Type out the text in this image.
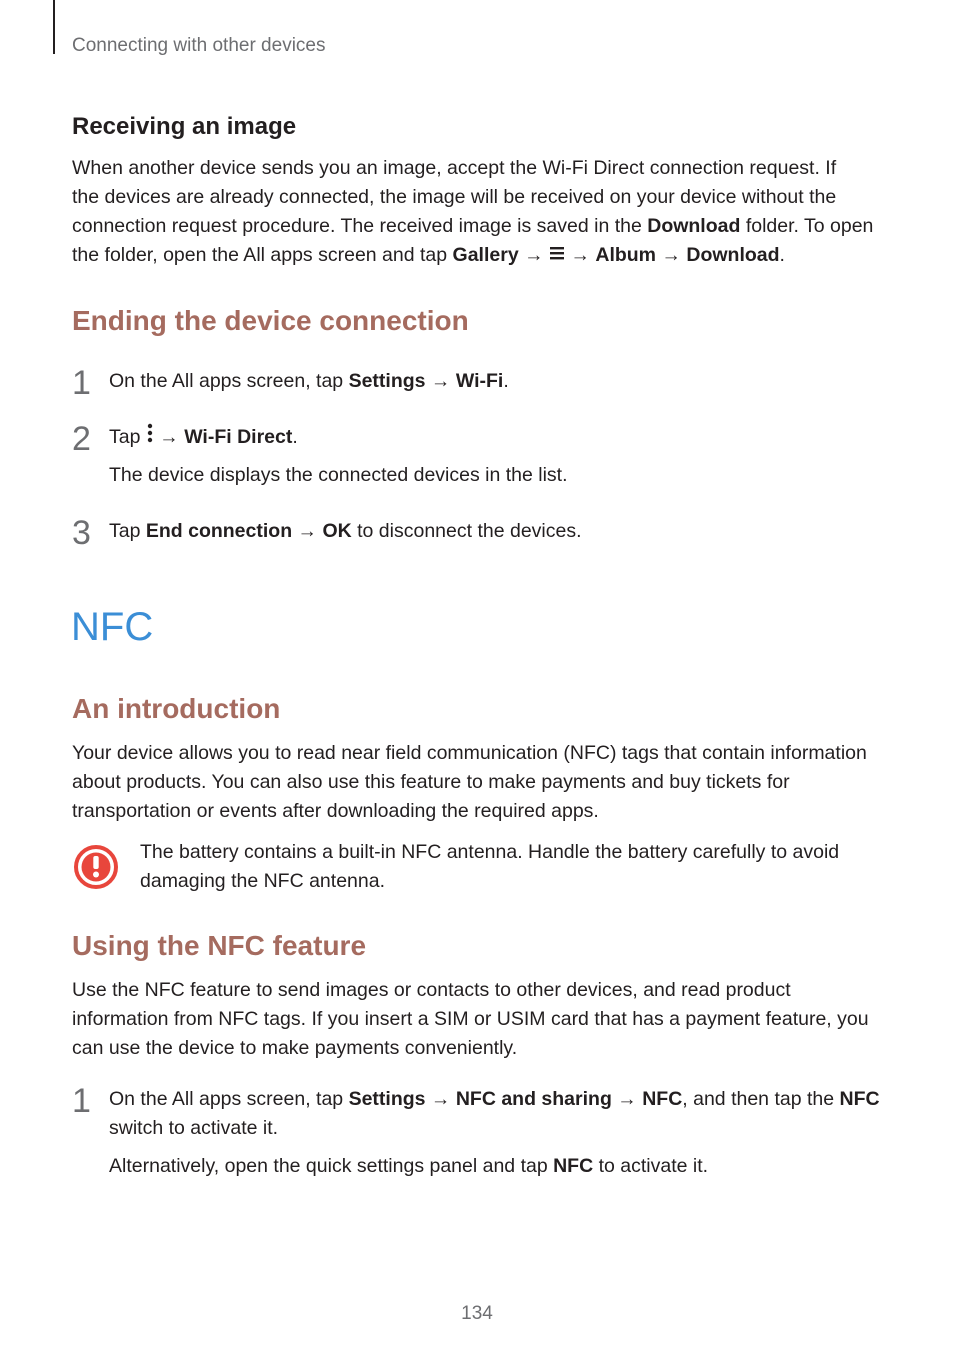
Connecting with other devices
Receiving an image
When another device sends you an image, accept the Wi-Fi Direct connection request. If
the devices are already connected, the image will be received on your device without the
connection request procedure. The received image is saved in the Download folder. To open
the folder, open the All apps screen and tap Gallery → → Album → Download.
Ending the device connection
1 On the All apps screen, tap Settings → Wi-Fi.
2 Tap  → Wi-Fi Direct.
The device displays the connected devices in the list.
3 Tap End connection → OK to disconnect the devices.
NFC
An introduction
Your device allows you to read near field communication (NFC) tags that contain information
about products. You can also use this feature to make payments and buy tickets for
transportation or events after downloading the required apps.
The battery contains a built-in NFC antenna. Handle the battery carefully to avoid
damaging the NFC antenna.
Using the NFC feature
Use the NFC feature to send images or contacts to other devices, and read product
information from NFC tags. If you insert a SIM or USIM card that has a payment feature, you
can use the device to make payments conveniently.
1 On the All apps screen, tap Settings → NFC and sharing → NFC, and then tap the NFC
switch to activate it.
Alternatively, open the quick settings panel and tap NFC to activate it.
134
